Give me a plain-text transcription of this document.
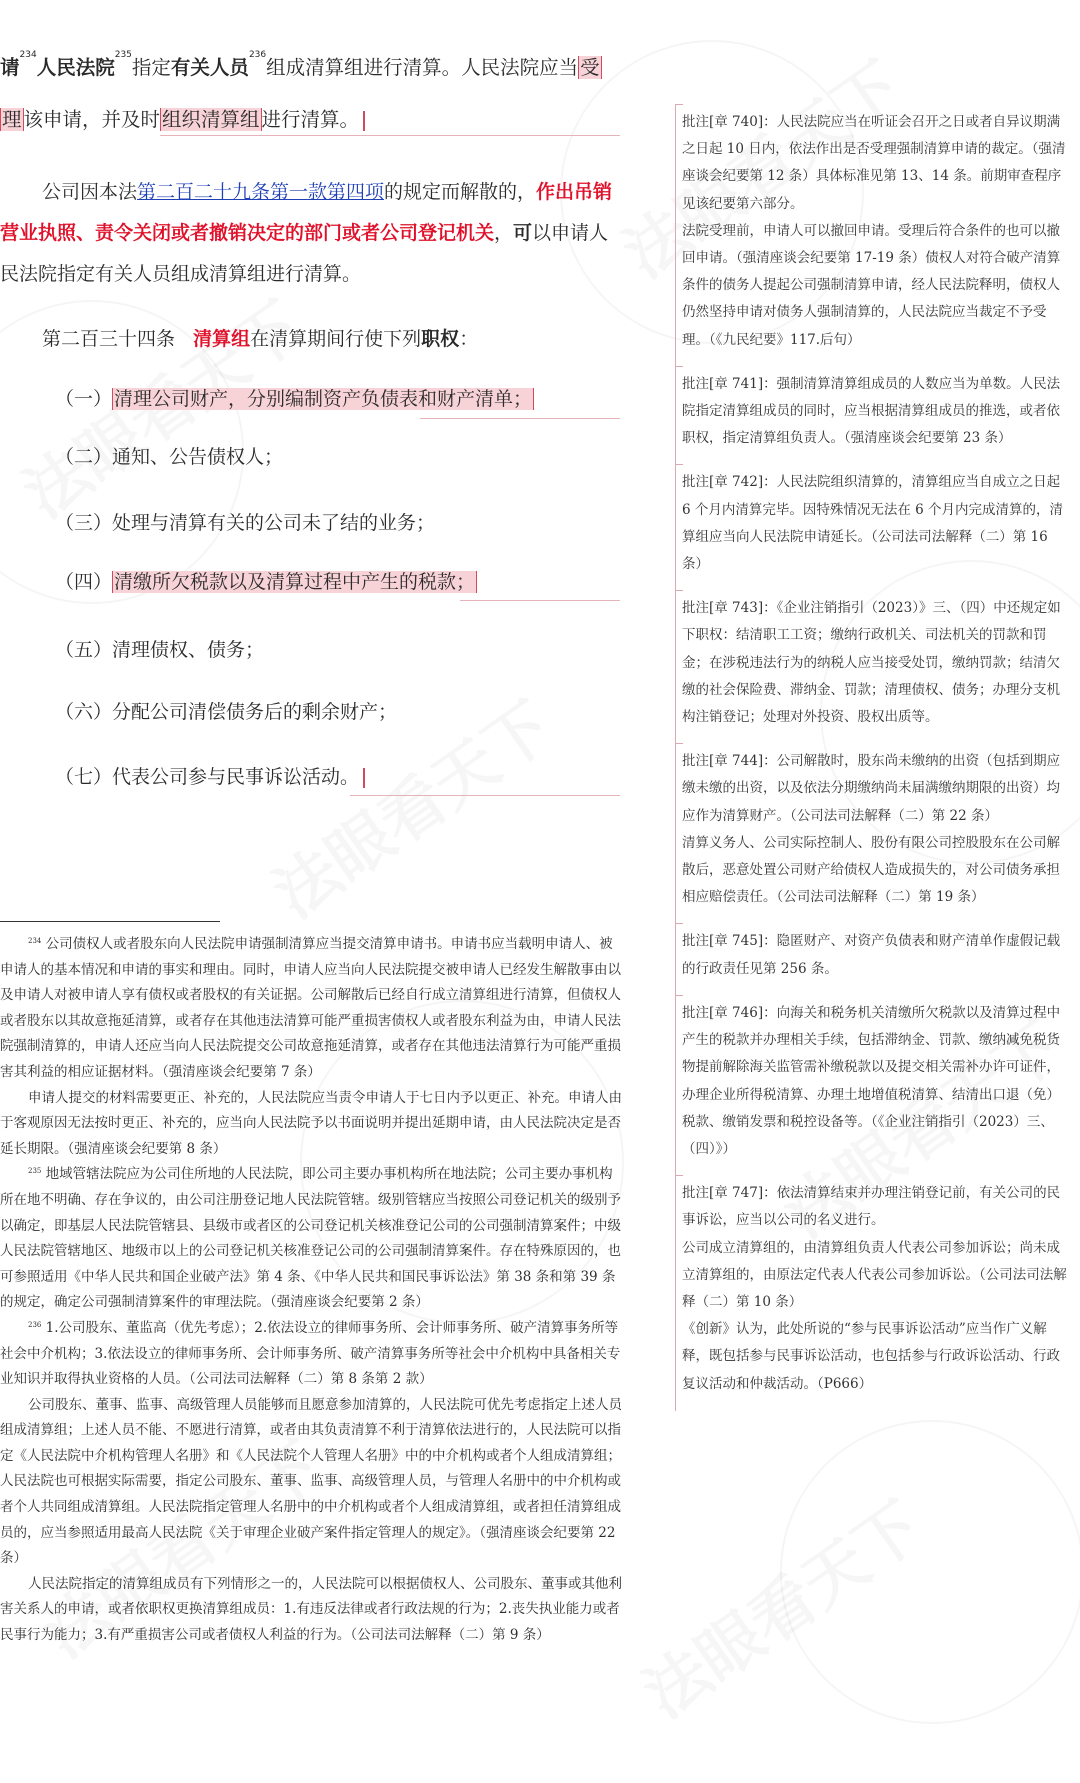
请$^{234}$人民法院$^{235}$指定有关人员$^{236}$组成清算组进行清算。人民法院应当 受

理 该申请，并及时 组织清算组 进行清算。

公司因本法第二百二十九条第一款第四项的规定而解散的，作出吊销营业执照、责令关闭或者撤销决定的部门或者公司登记机关，可以申请人民法院指定有关人员组成清算组进行清算。

第二百三十四条 清算组在清算期间行使下列职权：

（一） 清理公司财产，分别编制资产负债表和财产清单；

（二）通知、公告债权人；

（三）处理与清算有关的公司未了结的业务；

（四） 清缴所欠税款以及清算过程中产生的税款；

（五）清理债权、债务；

（六）分配公司清偿债务后的剩余财产；

（七）代表公司参与民事诉讼活动。

$^{234}$ 公司债权人或者股东向人民法院申请强制清算应当提交清算申请书。申请书应当载明申请人、被申请人的基本情况和申请的事实和理由。同时，申请人应当向人民法院提交被申请人已经发生解散事由以及申请人对被申请人享有债权或者股权的有关证据。公司解散后已经自行成立清算组进行清算，但债权人或者股东以其故意拖延清算，或者存在其他违法清算可能严重损害债权人或者股东利益为由，申请人民法院强制清算的，申请人还应当向人民法院提交公司故意拖延清算，或者存在其他违法清算行为可能严重损害其利益的相应证据材料。（强清座谈会纪要第 7 条）

申请人提交的材料需要更正、补充的，人民法院应当责令申请人于七日内予以更正、补充。申请人由于客观原因无法按时更正、补充的，应当向人民法院予以书面说明并提出延期申请，由人民法院决定是否延长期限。（强清座谈会纪要第 8 条）

$^{235}$ 地域管辖法院应为公司住所地的人民法院，即公司主要办事机构所在地法院；公司主要办事机构所在地不明确、存在争议的，由公司注册登记地人民法院管辖。级别管辖应当按照公司登记机关的级别予以确定，即基层人民法院管辖县、县级市或者区的公司登记机关核准登记公司的公司强制清算案件；中级人民法院管辖地区、地级市以上的公司登记机关核准登记公司的公司强制清算案件。存在特殊原因的，也可参照适用《中华人民共和国企业破产法》第 4 条、《中华人民共和国民事诉讼法》第 38 条和第 39 条的规定，确定公司强制清算案件的审理法院。（强清座谈会纪要第 2 条）

$^{236}$ 1.公司股东、董监高（优先考虑）；2.依法设立的律师事务所、会计师事务所、破产清算事务所等社会中介机构；3.依法设立的律师事务所、会计师事务所、破产清算事务所等社会中介机构中具备相关专业知识并取得执业资格的人员。（公司法司法解释（二）第 8 条第 2 款）

公司股东、董事、监事、高级管理人员能够而且愿意参加清算的，人民法院可优先考虑指定上述人员组成清算组；上述人员不能、不愿进行清算，或者由其负责清算不利于清算依法进行的，人民法院可以指定《人民法院中介机构管理人名册》和《人民法院个人管理人名册》中的中介机构或者个人组成清算组；人民法院也可根据实际需要，指定公司股东、董事、监事、高级管理人员，与管理人名册中的中介机构或者个人共同组成清算组。人民法院指定管理人名册中的中介机构或者个人组成清算组，或者担任清算组成员的，应当参照适用最高人民法院《关于审理企业破产案件指定管理人的规定》。（强清座谈会纪要第 22 条）

人民法院指定的清算组成员有下列情形之一的，人民法院可以根据债权人、公司股东、董事或其他利害关系人的申请，或者依职权更换清算组成员：1.有违反法律或者行政法规的行为；2.丧失执业能力或者民事行为能力；3.有严重损害公司或者债权人利益的行为。（公司法司法解释（二）第 9 条）

批注[章 740]：人民法院应当在听证会召开之日或者自异议期满之日起 10 日内，依法作出是否受理强制清算申请的裁定。（强清座谈会纪要第 12 条）具体标准见第 13、14 条。前期审查程序见该纪要第六部分。

法院受理前，申请人可以撤回申请。受理后符合条件的也可以撤回申请。（强清座谈会纪要第 17-19 条）债权人对符合破产清算条件的债务人提起公司强制清算申请，经人民法院释明，债权人仍然坚持申请对债务人强制清算的，人民法院应当裁定不予受理。（《九民纪要》117.后句）

批注[章 741]：强制清算清算组成员的人数应当为单数。人民法院指定清算组成员的同时，应当根据清算组成员的推选，或者依职权，指定清算组负责人。（强清座谈会纪要第 23 条）

批注[章 742]：人民法院组织清算的，清算组应当自成立之日起 6 个月内清算完毕。因特殊情况无法在 6 个月内完成清算的，清算组应当向人民法院申请延长。（公司法司法解释（二）第 16 条）

批注[章 743]：《企业注销指引（2023）》三、（四）中还规定如下职权：结清职工工资；缴纳行政机关、司法机关的罚款和罚金；在涉税违法行为的纳税人应当接受处罚，缴纳罚款；结清欠缴的社会保险费、滞纳金、罚款；清理债权、债务；办理分支机构注销登记；处理对外投资、股权出质等。

批注[章 744]：公司解散时，股东尚未缴纳的出资（包括到期应缴未缴的出资，以及依法分期缴纳尚未届满缴纳期限的出资）均应作为清算财产。（公司法司法解释（二）第 22 条）

清算义务人、公司实际控制人、股份有限公司控股股东在公司解散后，恶意处置公司财产给债权人造成损失的，对公司债务承担相应赔偿责任。（公司法司法解释（二）第 19 条）

批注[章 745]：隐匿财产、对资产负债表和财产清单作虚假记载的行政责任见第 256 条。

批注[章 746]：向海关和税务机关清缴所欠税款以及清算过程中产生的税款并办理相关手续，包括滞纳金、罚款、缴纳减免税货物提前解除海关监管需补缴税款以及提交相关需补办许可证件，办理企业所得税清算、办理土地增值税清算、结清出口退（免）税款、缴销发票和税控设备等。（《企业注销指引（2023）三、（四）》）

批注[章 747]：依法清算结束并办理注销登记前，有关公司的民事诉讼，应当以公司的名义进行。

公司成立清算组的，由清算组负责人代表公司参加诉讼；尚未成立清算组的，由原法定代表人代表公司参加诉讼。（公司法司法解释（二）第 10 条）

《创新》认为，此处所说的“参与民事诉讼活动”应当作广义解释，既包括参与民事诉讼活动，也包括参与行政诉讼活动、行政复议活动和仲裁活动。（P666）
